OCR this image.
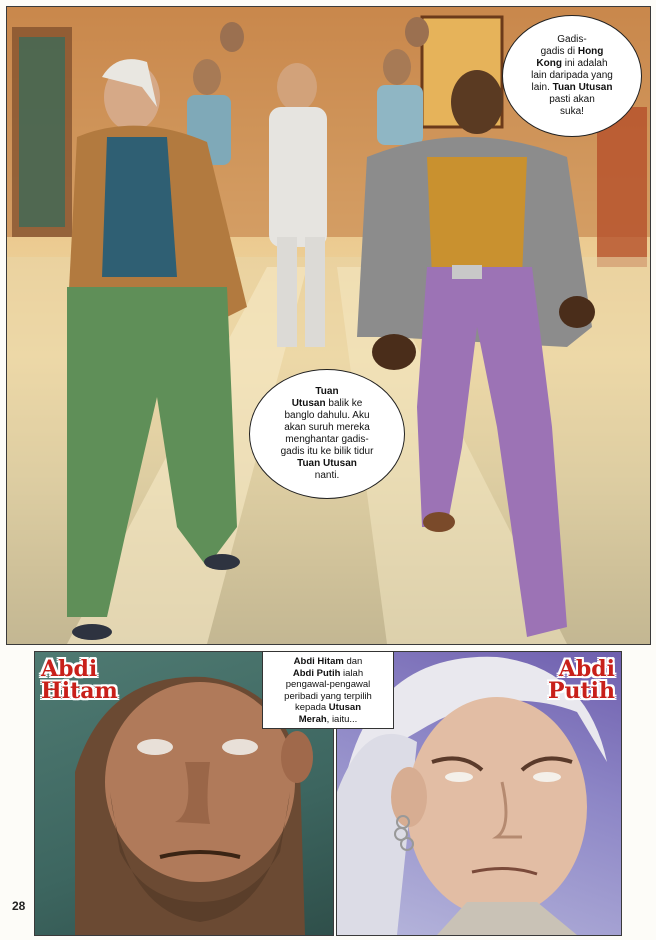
Gadis-
gadis di Hong
Kong ini adalah
lain daripada yang
lain. Tuan Utusan
pasti akan
suka!
Tuan
Utusan balik ke
banglo dahulu. Aku
akan suruh mereka
menghantar gadis-
gadis itu ke bilik tidur
Tuan Utusan
nanti.
Abdi
Hitam
Abdi
Putih
Abdi Hitam dan
Abdi Putih ialah
pengawal-pengawal
peribadi yang terpilih
kepada Utusan
Merah, iaitu...
28
